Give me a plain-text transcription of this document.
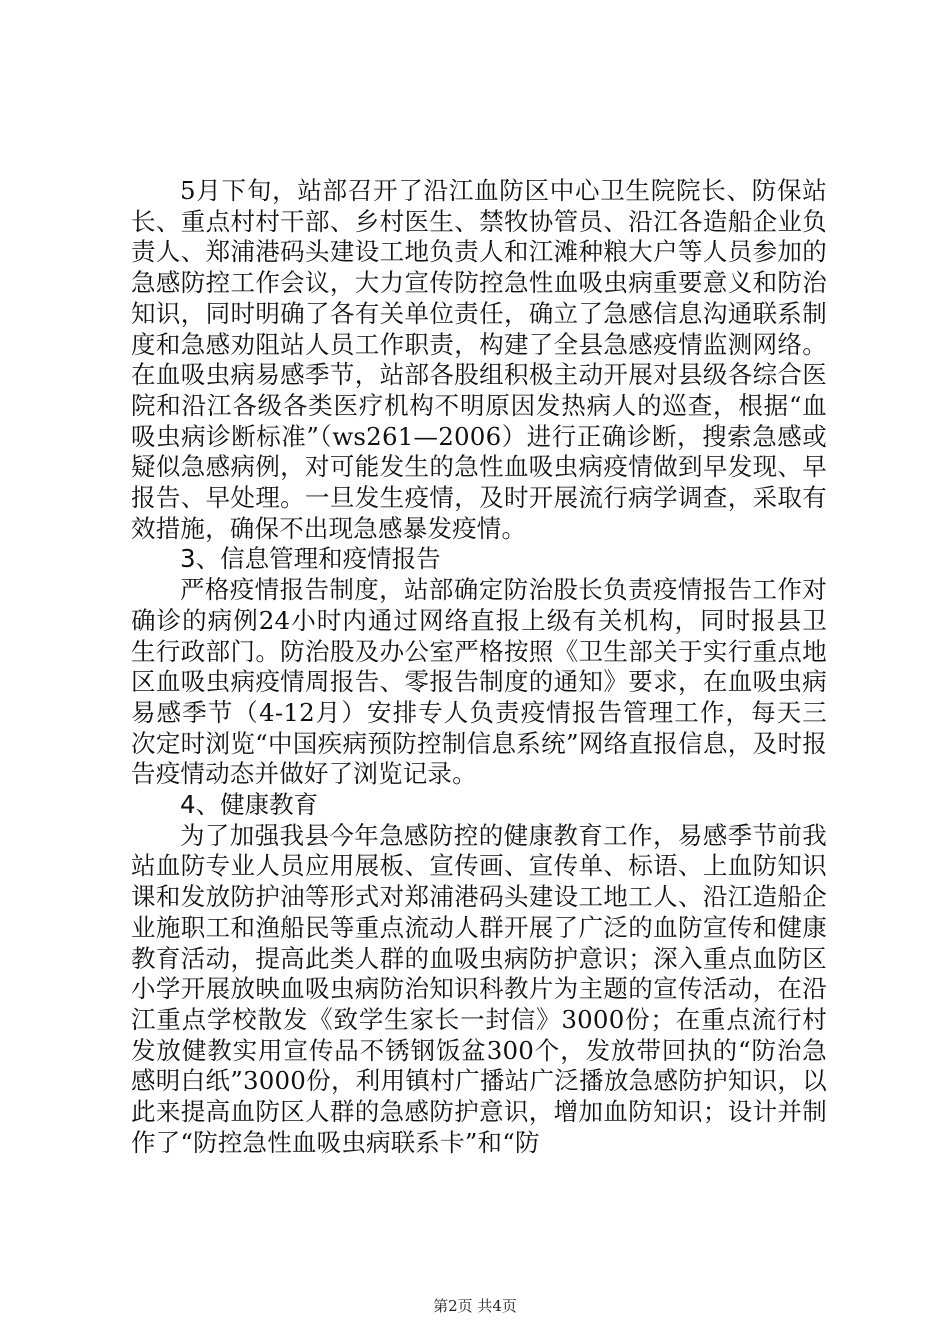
5月下旬，站部召开了沿江血防区中心卫生院院长、防保站长、重点村村干部、乡村医生、禁牧协管员、沿江各造船企业负责人、郑浦港码头建设工地负责人和江滩种粮大户等人员参加的急感防控工作会议，大力宣传防控急性血吸虫病重要意义和防治知识，同时明确了各有关单位责任，确立了急感信息沟通联系制度和急感劝阻站人员工作职责，构建了全县急感疫情监测网络。在血吸虫病易感季节，站部各股组积极主动开展对县级各综合医院和沿江各级各类医疗机构不明原因发热病人的巡查，根据“血吸虫病诊断标准”（ws261—2006）进行正确诊断，搜索急感或疑似急感病例，对可能发生的急性血吸虫病疫情做到早发现、早报告、早处理。一旦发生疫情，及时开展流行病学调查，采取有效措施，确保不出现急感暴发疫情。

3、信息管理和疫情报告

严格疫情报告制度，站部确定防治股长负责疫情报告工作对确诊的病例24小时内通过网络直报上级有关机构，同时报县卫生行政部门。防治股及办公室严格按照《卫生部关于实行重点地区血吸虫病疫情周报告、零报告制度的通知》要求，在血吸虫病易感季节（4-12月）安排专人负责疫情报告管理工作，每天三次定时浏览“中国疾病预防控制信息系统”网络直报信息，及时报告疫情动态并做好了浏览记录。

4、健康教育

为了加强我县今年急感防控的健康教育工作，易感季节前我站血防专业人员应用展板、宣传画、宣传单、标语、上血防知识课和发放防护油等形式对郑浦港码头建设工地工人、沿江造船企业施职工和渔船民等重点流动人群开展了广泛的血防宣传和健康教育活动，提高此类人群的血吸虫病防护意识；深入重点血防区小学开展放映血吸虫病防治知识科教片为主题的宣传活动，在沿江重点学校散发《致学生家长一封信》3000份；在重点流行村发放健教实用宣传品不锈钢饭盆300个，发放带回执的“防治急感明白纸”3000份，利用镇村广播站广泛播放急感防护知识，以此来提高血防区人群的急感防护意识，增加血防知识；设计并制作了“防控急性血吸虫病联系卡”和“防

第2页 共4页
